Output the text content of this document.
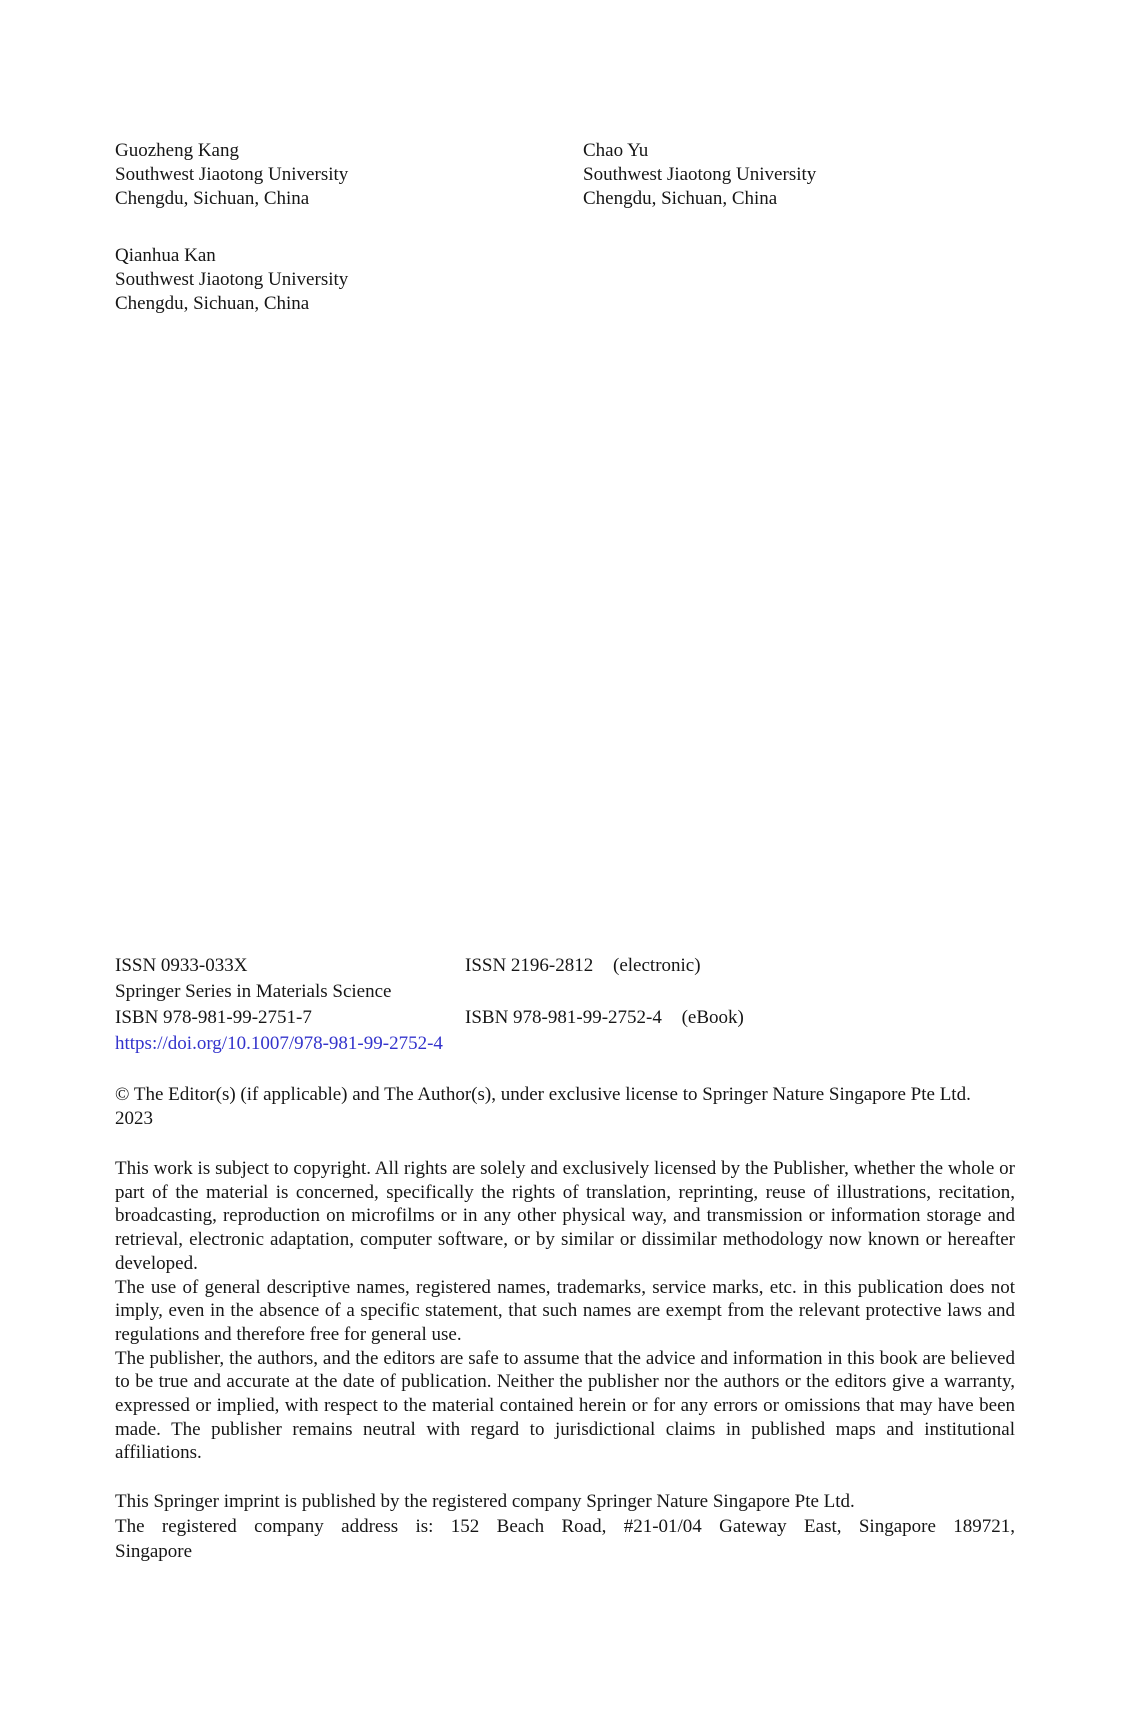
Guozheng Kang
Southwest Jiaotong University
Chengdu, Sichuan, China
Chao Yu
Southwest Jiaotong University
Chengdu, Sichuan, China
Qianhua Kan
Southwest Jiaotong University
Chengdu, Sichuan, China
ISSN 0933-033X	ISSN 2196-2812 (electronic)
Springer Series in Materials Science
ISBN 978-981-99-2751-7	ISBN 978-981-99-2752-4 (eBook)
https://doi.org/10.1007/978-981-99-2752-4
© The Editor(s) (if applicable) and The Author(s), under exclusive license to Springer Nature Singapore Pte Ltd. 2023

This work is subject to copyright. All rights are solely and exclusively licensed by the Publisher, whether the whole or part of the material is concerned, specifically the rights of translation, reprinting, reuse of illustrations, recitation, broadcasting, reproduction on microfilms or in any other physical way, and transmission or information storage and retrieval, electronic adaptation, computer software, or by similar or dissimilar methodology now known or hereafter developed.

The use of general descriptive names, registered names, trademarks, service marks, etc. in this publication does not imply, even in the absence of a specific statement, that such names are exempt from the relevant protective laws and regulations and therefore free for general use.

The publisher, the authors, and the editors are safe to assume that the advice and information in this book are believed to be true and accurate at the date of publication. Neither the publisher nor the authors or the editors give a warranty, expressed or implied, with respect to the material contained herein or for any errors or omissions that may have been made. The publisher remains neutral with regard to jurisdictional claims in published maps and institutional affiliations.

This Springer imprint is published by the registered company Springer Nature Singapore Pte Ltd.
The registered company address is: 152 Beach Road, #21-01/04 Gateway East, Singapore 189721,
Singapore
